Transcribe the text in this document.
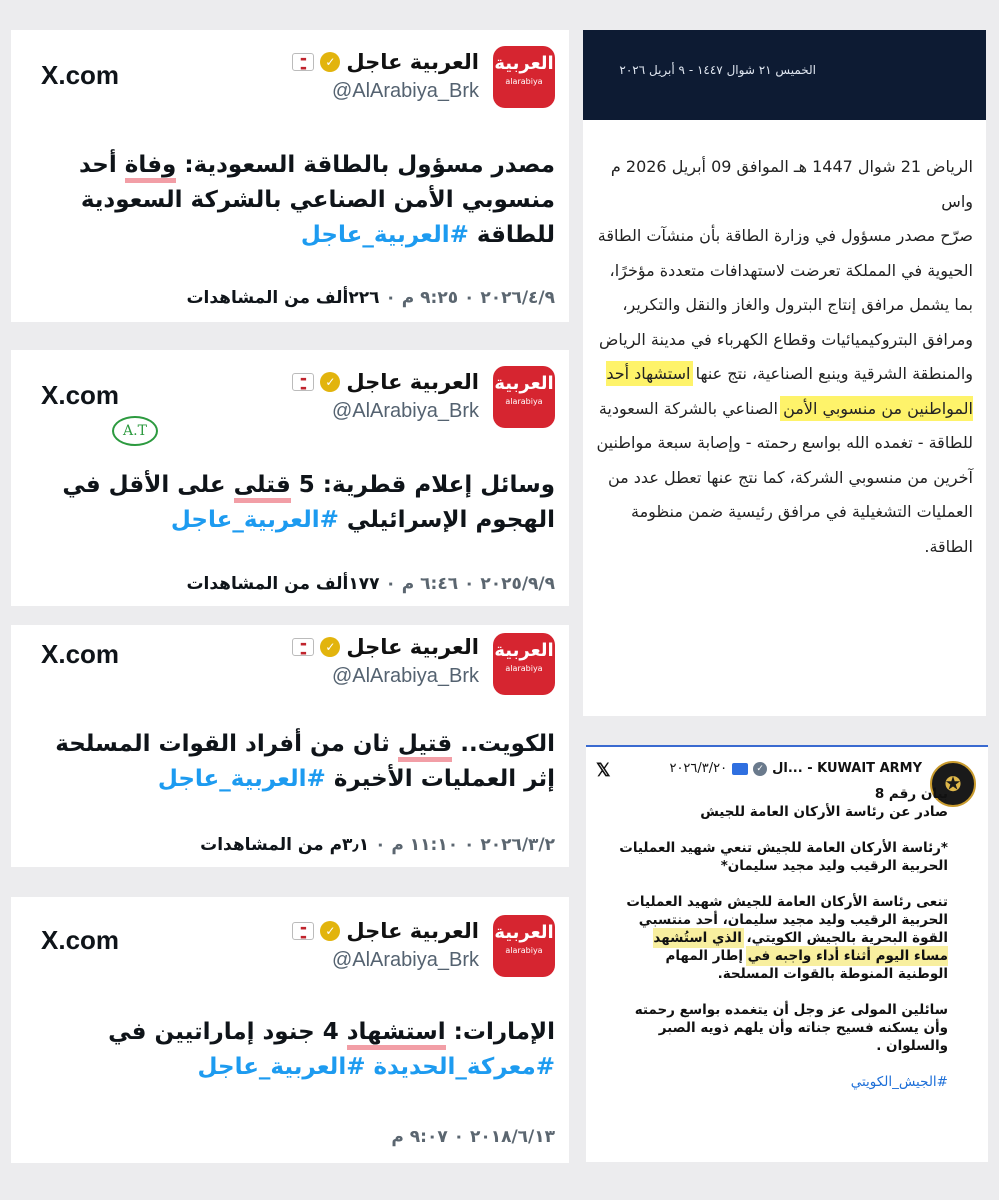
العربية
alarabiya
العربية عاجل
✓
▬
▬
@AlArabiya_Brk
X.com
مصدر مسؤول بالطاقة السعودية: وفاة أحد منسوبي الأمن الصناعي بالشركة السعودية للطاقة #العربية_عاجل
٢٠٢٦/٤/٩ ٠ ٩:٢٥ م ٠ ٢٢٦ألف من المشاهدات
العربية
alarabiya
العربية عاجل
✓
▬
▬
@AlArabiya_Brk
X.com
وسائل إعلام قطرية: 5 قتلى على الأقل في الهجوم الإسرائيلي #العربية_عاجل
٢٠٢٥/٩/٩ ٠ ٦:٤٦ م ٠ ١٧٧ألف من المشاهدات
A.T
العربية
alarabiya
العربية عاجل
✓
▬
▬
@AlArabiya_Brk
X.com
الكويت.. قتيل ثان من أفراد القوات المسلحة إثر العمليات الأخيرة #العربية_عاجل
٢٠٢٦/٣/٢ ٠ ١١:١٠ م ٠ ٣٫١م من المشاهدات
العربية
alarabiya
العربية عاجل
✓
▬
▬
@AlArabiya_Brk
X.com
الإمارات: استشهاد 4 جنود إماراتيين في #معركة_الحديدة #العربية_عاجل
٢٠١٨/٦/١٣ ٠ ٩:٠٧ م
الخميس ٢١ شوال ١٤٤٧ - ٩ أبريل ٢٠٢٦

الرياض 21 شوال 1447 هـ الموافق 09 أبريل 2026 م واس

صرّح مصدر مسؤول في وزارة الطاقة بأن منشآت الطاقة الحيوية في المملكة تعرضت لاستهدافات متعددة مؤخرًا، بما يشمل مرافق إنتاج البترول والغاز والنقل والتكرير، ومرافق البتروكيميائيات وقطاع الكهرباء في مدينة الرياض والمنطقة الشرقية وينبع الصناعية، نتج عنها استشهاد أحد المواطنين من منسوبي الأمن الصناعي بالشركة السعودية للطاقة - تغمده الله بواسع رحمته - وإصابة سبعة مواطنين آخرين من منسوبي الشركة، كما نتج عنها تعطل عدد من العمليات التشغيلية في مرافق رئيسية ضمن منظومة الطاقة.

✪
ال... - KUWAIT ARMY
✓
٢٠٢٦/٣/٢٠
𝕏

بيان رقم 8

صادر عن رئاسة الأركان العامة للجيش

*رئاسة الأركان العامة للجيش تنعي شهيد العمليات الحربية الرقيب وليد مجيد سليمان*

تنعى رئاسة الأركان العامة للجيش شهيد العمليات الحربية الرقيب وليد مجيد سليمان، أحد منتسبي القوة البحرية بالجيش الكويتي، الذي استُشهد مساء اليوم أثناء أداء واجبه في إطار المهام الوطنية المنوطة بالقوات المسلحة.

سائلين المولى عز وجل أن يتغمده بواسع رحمته وأن يسكنه فسيح جناته وأن يلهم ذويه الصبر والسلوان .

#الجيش_الكويتي
